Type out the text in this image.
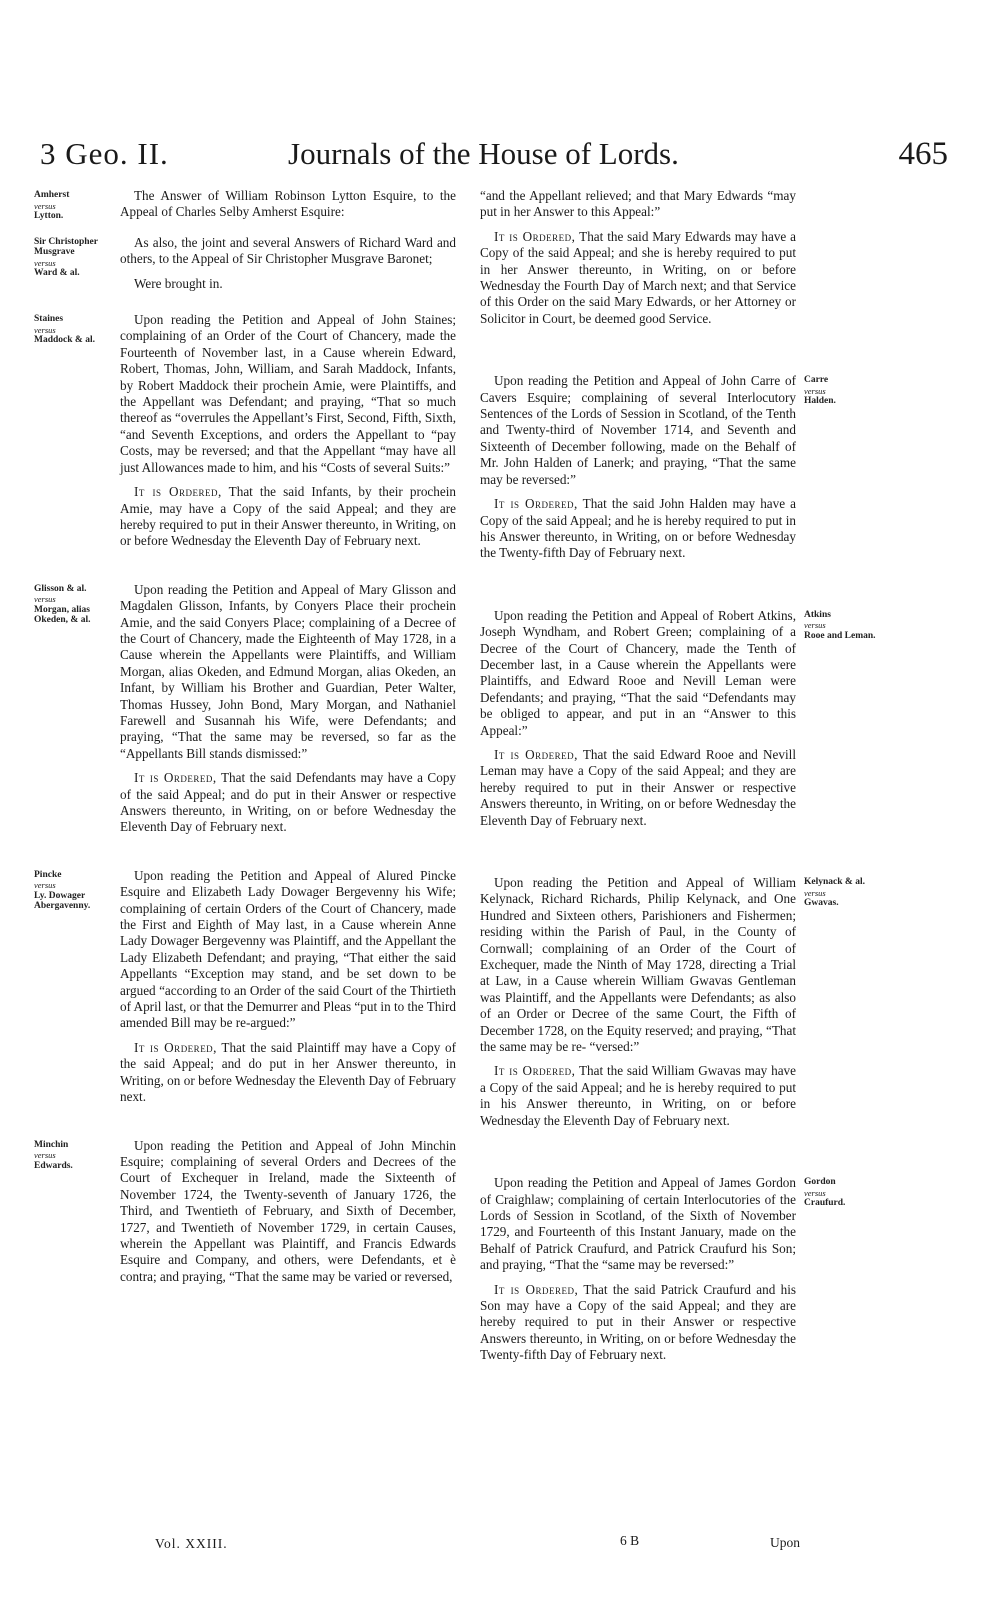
3 Geo. II.	Journals of the House of Lords.	465
Amherst
versus
Lytton.

The Answer of William Robinson Lytton Esquire, to the Appeal of Charles Selby Amherst Esquire:

Sir Christopher Musgrave
versus
Ward & al.

As also, the joint and several Answers of Richard Ward and others, to the Appeal of Sir Christopher Musgrave Baronet;

Were brought in.

Staines
versus
Maddock & al.

Upon reading the Petition and Appeal of John Staines; complaining of an Order of the Court of Chancery, made the Fourteenth of November last, in a Cause wherein Edward, Robert, Thomas, John, William, and Sarah Maddock, Infants, by Robert Maddock their prochein Amie, were Plaintiffs, and the Appellant was Defendant; and praying, “That so much thereof as “overrules the Appellant’s First, Second, Fifth, Sixth, “and Seventh Exceptions, and orders the Appellant to “pay Costs, may be reversed; and that the Appellant “may have all just Allowances made to him, and his “Costs of several Suits:”

It is Ordered, That the said Infants, by their prochein Amie, may have a Copy of the said Appeal; and they are hereby required to put in their Answer thereunto, in Writing, on or before Wednesday the Eleventh Day of February next.

Glisson & al.
versus
Morgan, alias Okeden, & al.

Upon reading the Petition and Appeal of Mary Glisson and Magdalen Glisson, Infants, by Conyers Place their prochein Amie, and the said Conyers Place; complaining of a Decree of the Court of Chancery, made the Eighteenth of May 1728, in a Cause wherein the Appellants were Plaintiffs, and William Morgan, alias Okeden, and Edmund Morgan, alias Okeden, an Infant, by William his Brother and Guardian, Peter Walter, Thomas Hussey, John Bond, Mary Morgan, and Nathaniel Farewell and Susannah his Wife, were Defendants; and praying, “That the same may be reversed, so far as the “Appellants Bill stands dismissed:”

It is Ordered, That the said Defendants may have a Copy of the said Appeal; and do put in their Answer or respective Answers thereunto, in Writing, on or before Wednesday the Eleventh Day of February next.

Pincke
versus
Ly. Dowager Abergavenny.

Upon reading the Petition and Appeal of Alured Pincke Esquire and Elizabeth Lady Dowager Bergevenny his Wife; complaining of certain Orders of the Court of Chancery, made the First and Eighth of May last, in a Cause wherein Anne Lady Dowager Bergevenny was Plaintiff, and the Appellant the Lady Elizabeth Defendant; and praying, “That either the said Appellants “Exception may stand, and be set down to be argued “according to an Order of the said Court of the Thirtieth of April last, or that the Demurrer and Pleas “put in to the Third amended Bill may be re-argued:”

It is Ordered, That the said Plaintiff may have a Copy of the said Appeal; and do put in her Answer thereunto, in Writing, on or before Wednesday the Eleventh Day of February next.

Minchin
versus
Edwards.

Upon reading the Petition and Appeal of John Minchin Esquire; complaining of several Orders and Decrees of the Court of Exchequer in Ireland, made the Sixteenth of November 1724, the Twenty-seventh of January 1726, the Third, and Twentieth of February, and Sixth of December, 1727, and Twentieth of November 1729, in certain Causes, wherein the Appellant was Plaintiff, and Francis Edwards Esquire and Company, and others, were Defendants, et è contra; and praying, “That the same may be varied or reversed,

“and the Appellant relieved; and that Mary Edwards “may put in her Answer to this Appeal:”

It is Ordered, That the said Mary Edwards may have a Copy of the said Appeal; and she is hereby required to put in her Answer thereunto, in Writing, on or before Wednesday the Fourth Day of March next; and that Service of this Order on the said Mary Edwards, or her Attorney or Solicitor in Court, be deemed good Service.

Carre
versus
Halden.

Upon reading the Petition and Appeal of John Carre of Cavers Esquire; complaining of several Interlocutory Sentences of the Lords of Session in Scotland, of the Tenth and Twenty-third of November 1714, and Seventh and Sixteenth of December following, made on the Behalf of Mr. John Halden of Lanerk; and praying, “That the same may be reversed:”

It is Ordered, That the said John Halden may have a Copy of the said Appeal; and he is hereby required to put in his Answer thereunto, in Writing, on or before Wednesday the Twenty-fifth Day of February next.

Atkins
versus
Rooe and Leman.

Upon reading the Petition and Appeal of Robert Atkins, Joseph Wyndham, and Robert Green; complaining of a Decree of the Court of Chancery, made the Tenth of December last, in a Cause wherein the Appellants were Plaintiffs, and Edward Rooe and Nevill Leman were Defendants; and praying, “That the said “Defendants may be obliged to appear, and put in an “Answer to this Appeal:”

It is Ordered, That the said Edward Rooe and Nevill Leman may have a Copy of the said Appeal; and they are hereby required to put in their Answer or respective Answers thereunto, in Writing, on or before Wednesday the Eleventh Day of February next.

Kelynack & al.
versus
Gwavas.

Upon reading the Petition and Appeal of William Kelynack, Richard Richards, Philip Kelynack, and One Hundred and Sixteen others, Parishioners and Fishermen; residing within the Parish of Paul, in the County of Cornwall; complaining of an Order of the Court of Exchequer, made the Ninth of May 1728, directing a Trial at Law, in a Cause wherein William Gwavas Gentleman was Plaintiff, and the Appellants were Defendants; as also of an Order or Decree of the same Court, the Fifth of December 1728, on the Equity reserved; and praying, “That the same may be re- “versed:”

It is Ordered, That the said William Gwavas may have a Copy of the said Appeal; and he is hereby required to put in his Answer thereunto, in Writing, on or before Wednesday the Eleventh Day of February next.

Gordon
versus
Craufurd.

Upon reading the Petition and Appeal of James Gordon of Craighlaw; complaining of certain Interlocutories of the Lords of Session in Scotland, of the Sixth of November 1729, and Fourteenth of this Instant January, made on the Behalf of Patrick Craufurd, and Patrick Craufurd his Son; and praying, “That the “same may be reversed:”

It is Ordered, That the said Patrick Craufurd and his Son may have a Copy of the said Appeal; and they are hereby required to put in their Answer or respective Answers thereunto, in Writing, on or before Wednesday the Twenty-fifth Day of February next.

Vol. XXIII.	6 B	Upon
